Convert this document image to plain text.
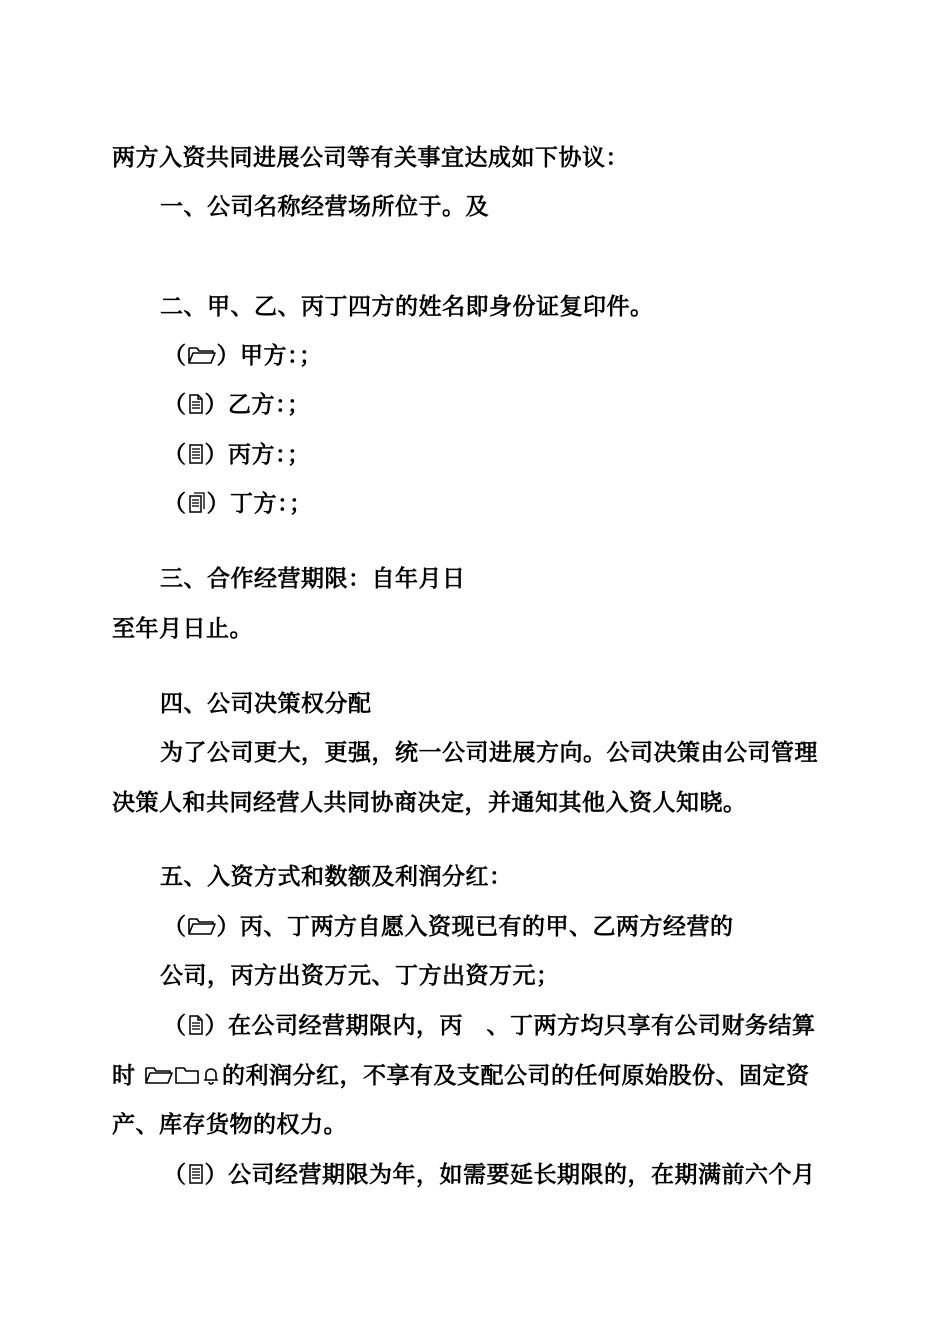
两方入资共同进展公司等有关事宜达成如下协议：
一、公司名称经营场所位于。及
二、甲、乙、丙丁四方的姓名即身份证复印件。
（ ）甲方：；
（ ）乙方：；
（ ）丙方：；
（ ）丁方：；
三、合作经营期限：自年月日
至年月日止。
四、公司决策权分配
为了公司更大，更强，统一公司进展方向。公司决策由公司管理
决策人和共同经营人共同协商决定，并通知其他入资人知晓。
五、入资方式和数额及利润分红：
（ ）丙、丁两方自愿入资现已有的甲、乙两方经营的
公司，丙方出资万元、丁方出资万元；
（ ）在公司经营期限内，丙　、丁两方均只享有公司财务结算
时	的利润分红，不享有及支配公司的任何原始股份、固定资
产、库存货物的权力。
（ ）公司经营期限为年，如需要延长期限的，在期满前六个月
